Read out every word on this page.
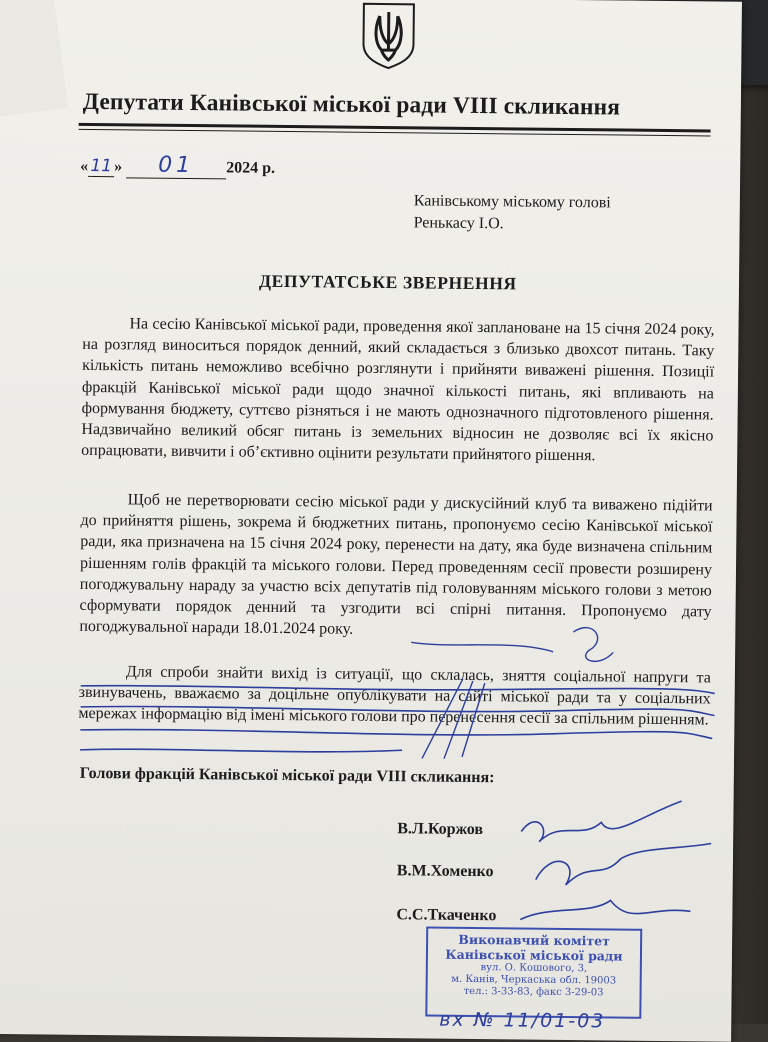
Депутати Канівської міської ради VIII скликання
« 11 » 01 2024 р.
Канівському міському голові
Ренькасу І.О.
ДЕПУТАТСЬКЕ ЗВЕРНЕННЯ
На сесію Канівської міської ради, проведення якої заплановане на 15 січня 2024 року, на розгляд виноситься порядок денний, який складається з близько двохсот питань. Таку кількість питань неможливо всебічно розглянути і прийняти виважені рішення. Позиції фракцій Канівської міської ради щодо значної кількості питань, які впливають на формування бюджету, суттєво різняться і не мають однозначного підготовленого рішення. Надзвичайно великий обсяг питань із земельних відносин не дозволяє всі їх якісно опрацювати, вивчити і об’єктивно оцінити результати прийнятого рішення.
Щоб не перетворювати сесію міської ради у дискусійний клуб та виважено підійти до прийняття рішень, зокрема й бюджетних питань, пропонуємо сесію Канівської міської ради, яка призначена на 15 січня 2024 року, перенести на дату, яка буде визначена спільним рішенням голів фракцій та міського голови. Перед проведенням сесії провести розширену погоджувальну нараду за участю всіх депутатів під головуванням міського голови з метою сформувати порядок денний та узгодити всі спірні питання. Пропонуємо дату погоджувальної наради 18.01.2024 року.
Для спроби знайти вихід із ситуації, що склалась, зняття соціальної напруги та звинувачень, вважаємо за доцільне опублікувати на сайті міської ради та у соціальних мережах інформацію від імені міського голови про перенесення сесії за спільним рішенням.
Голови фракцій Канівської міської ради VIII скликання:
В.Л.Коржов
В.М.Хоменко
С.С.Ткаченко
Виконавчий комітет
Канівської міської ради
вул. О. Кошового, 3,
м. Канів, Черкаська обл. 19003
тел.: 3-33-83, факс 3-29-03
вх № 11/01-03
